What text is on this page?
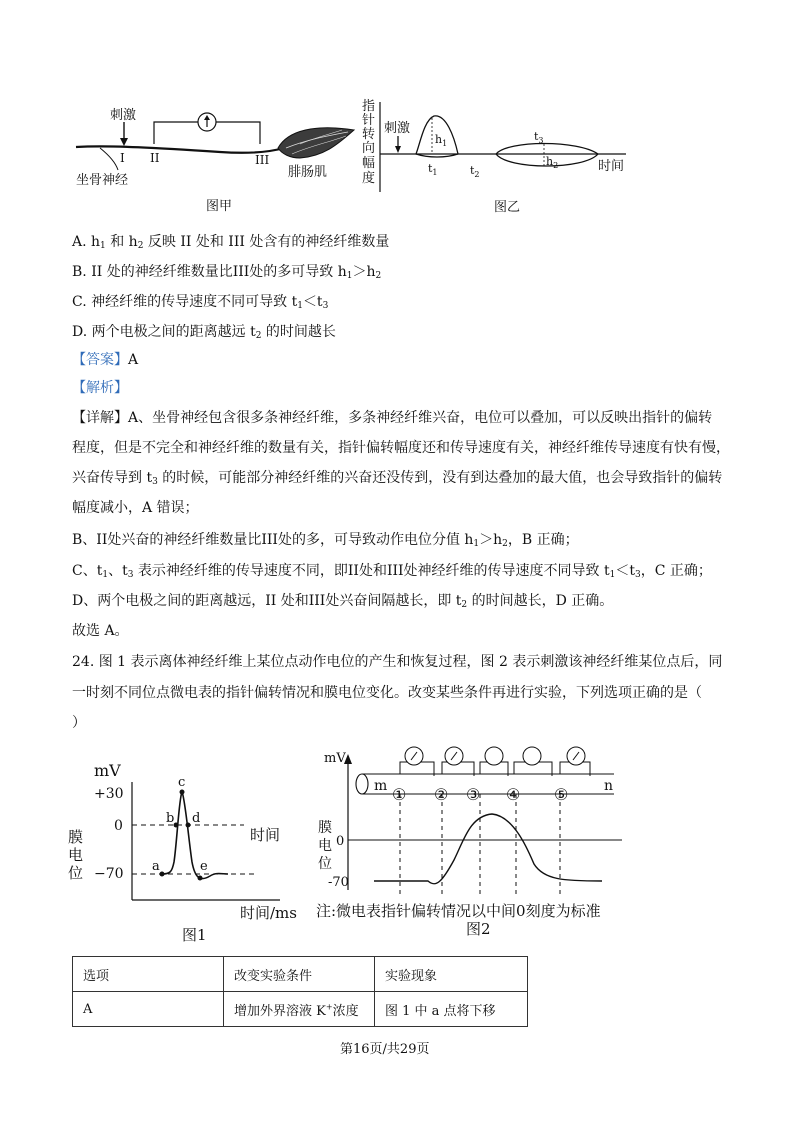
刺激
I II	III
腓肠肌
坐骨神经
图甲
指
针
转
向
幅
度
刺激
$h_1$
$t_1$	$t_2$
$t_3$
$h_2$	时间
图乙
A. $h_1$ 和 $h_2$ 反映 II 处和 III 处含有的神经纤维数量
B. II 处的神经纤维数量比III处的多可导致 $h_1>h_2$
C. 神经纤维的传导速度不同可导致 $t_1<t_3$
D. 两个电极之间的距离越远 $t_2$ 的时间越长
【答案】A
【解析】
【详解】A、坐骨神经包含很多条神经纤维，多条神经纤维兴奋，电位可以叠加，可以反映出指针的偏转
程度，但是不完全和神经纤维的数量有关，指针偏转幅度还和传导速度有关，神经纤维传导速度有快有慢，
兴奋传导到 $t_3$ 的时候，可能部分神经纤维的兴奋还没传到，没有到达叠加的最大值，也会导致指针的偏转
幅度减小，A 错误；
B、II处兴奋的神经纤维数量比III处的多，可导致动作电位分值 $h_1>h_2$，B 正确；
C、$t_1$、$t_3$ 表示神经纤维的传导速度不同，即II处和III处神经纤维的传导速度不同导致 $t_1<t_3$，C 正确；
D、两个电极之间的距离越远，II 处和III处兴奋间隔越长，即 $t_2$ 的时间越长，D 正确。
故选 A。
24. 图 1 表示离体神经纤维上某位点动作电位的产生和恢复过程，图 2 表示刺激该神经纤维某位点后，同
一时刻不同位点微电表的指针偏转情况和膜电位变化。改变某些条件再进行实验，下列选项正确的是（
）
mV
膜
电
位
+30
0
−70 a
b
c
d
e
时间
时间/ms
图1
mV
膜
电
位
0
-70
m	n
① ② ③ ④ ⑤
注:微电表指针偏转情况以中间0刻度为标准
图2
选项	改变实验条件	实验现象
A	增加外界溶液 K+浓度	图 1 中 a 点将下移
第16页/共29页
